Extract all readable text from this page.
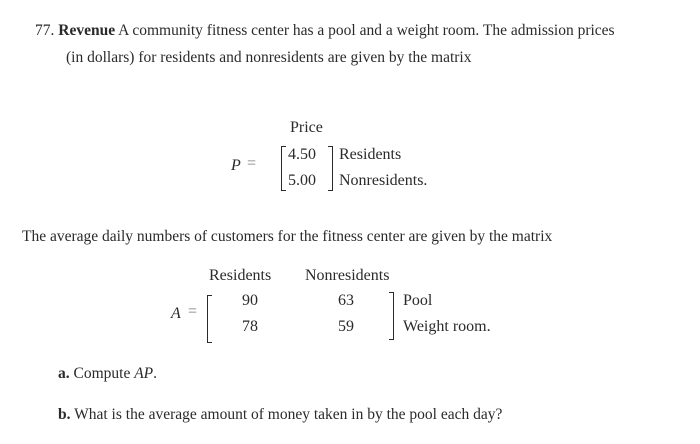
77. Revenue A community fitness center has a pool and a weight room. The admission prices
(in dollars) for residents and nonresidents are given by the matrix
Price
P =
4.50
5.00
Residents
Nonresidents.
The average daily numbers of customers for the fitness center are given by the matrix
Residents Nonresidents
A =
90	63
78	59
Pool
Weight room.
a. Compute AP.
b. What is the average amount of money taken in by the pool each day?
